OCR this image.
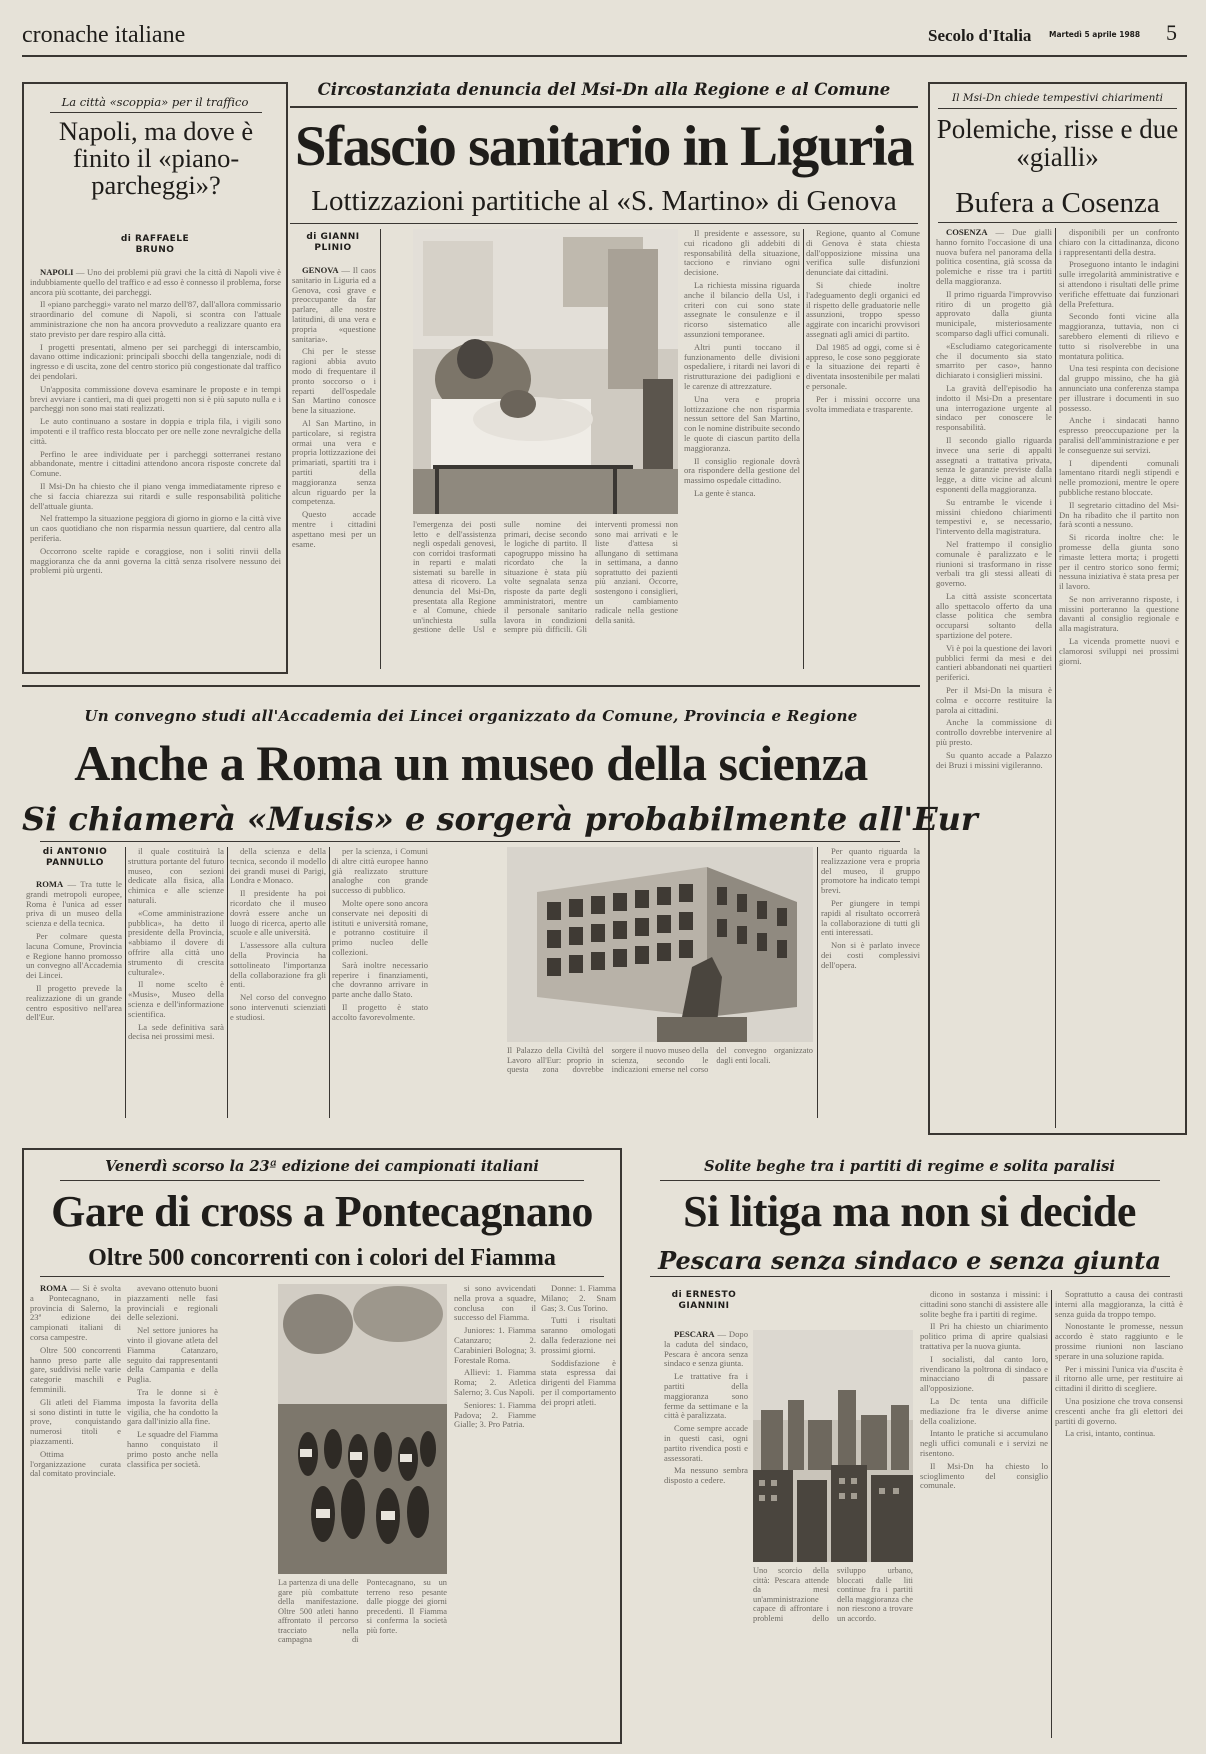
cronache italiane	Secolo d'Italia Martedì 5 aprile 1988 5
La città «scoppia» per il traffico
Napoli, ma dove è finito il «piano-parcheggi»?
di RAFFAELE BRUNO

NAPOLI — Uno dei problemi più gravi che la città di Napoli vive è indubbiamente quello del traffico e ad esso è connesso il problema, forse ancora più scottante, dei parcheggi.

Il «piano parcheggi» varato nel marzo dell'87, dall'allora commissario straordinario del comune di Napoli, si scontra con l'attuale amministrazione che non ha ancora provveduto a realizzare quanto era stato previsto per dare respiro alla città.

I progetti presentati, almeno per sei parcheggi di interscambio, davano ottime indicazioni: principali sbocchi della tangenziale, nodi di ingresso e di uscita, zone del centro storico più congestionate dal traffico dei pendolari.

Un'apposita commissione doveva esaminare le proposte e in tempi brevi avviare i cantieri, ma di quei progetti non si è più saputo nulla e i parcheggi non sono mai stati realizzati.

Le auto continuano a sostare in doppia e tripla fila, i vigili sono impotenti e il traffico resta bloccato per ore nelle zone nevralgiche della città.

Perfino le aree individuate per i parcheggi sotterranei restano abbandonate, mentre i cittadini attendono ancora risposte concrete dal Comune.

Il Msi-Dn ha chiesto che il piano venga immediatamente ripreso e che si faccia chiarezza sui ritardi e sulle responsabilità politiche dell'attuale giunta.

Nel frattempo la situazione peggiora di giorno in giorno e la città vive un caos quotidiano che non risparmia nessun quartiere, dal centro alla periferia.

Occorrono scelte rapide e coraggiose, non i soliti rinvii della maggioranza che da anni governa la città senza risolvere nessuno dei problemi più urgenti.

Circostanziata denuncia del Msi-Dn alla Regione e al Comune
Sfascio sanitario in Liguria
Lottizzazioni partitiche al «S. Martino» di Genova
di GIANNI PLINIO

GENOVA — Il caos sanitario in Liguria ed a Genova, così grave e preoccupante da far parlare, alle nostre latitudini, di una vera e propria «questione sanitaria».

Chi per le stesse ragioni abbia avuto modo di frequentare il pronto soccorso o i reparti dell'ospedale San Martino conosce bene la situazione.

Al San Martino, in particolare, si registra ormai una vera e propria lottizzazione dei primariati, spartiti tra i partiti della maggioranza senza alcun riguardo per la competenza.

Questo accade mentre i cittadini aspettano mesi per un esame.

l'emergenza dei posti letto e dell'assistenza negli ospedali genovesi, con corridoi trasformati in reparti e malati sistemati su barelle in attesa di ricovero. La denuncia del Msi-Dn, presentata alla Regione e al Comune, chiede un'inchiesta sulla gestione delle Usl e sulle nomine dei primari, decise secondo le logiche di partito. Il capogruppo missino ha ricordato che la situazione è stata più volte segnalata senza risposte da parte degli amministratori, mentre il personale sanitario lavora in condizioni sempre più difficili. Gli interventi promessi non sono mai arrivati e le liste d'attesa si allungano di settimana in settimana, a danno soprattutto dei pazienti più anziani. Occorre, sostengono i consiglieri, un cambiamento radicale nella gestione della sanità.

Il presidente e assessore, su cui ricadono gli addebiti di responsabilità della situazione, tacciono e rinviano ogni decisione.

La richiesta missina riguarda anche il bilancio della Usl, i criteri con cui sono state assegnate le consulenze e il ricorso sistematico alle assunzioni temporanee.

Altri punti toccano il funzionamento delle divisioni ospedaliere, i ritardi nei lavori di ristrutturazione dei padiglioni e le carenze di attrezzature.

Una vera e propria lottizzazione che non risparmia nessun settore del San Martino, con le nomine distribuite secondo le quote di ciascun partito della maggioranza.

Il consiglio regionale dovrà ora rispondere della gestione del massimo ospedale cittadino.

La gente è stanca.

Regione, quanto al Comune di Genova è stata chiesta dall'opposizione missina una verifica sulle disfunzioni denunciate dai cittadini.

Si chiede inoltre l'adeguamento degli organici ed il rispetto delle graduatorie nelle assunzioni, troppo spesso aggirate con incarichi provvisori assegnati agli amici di partito.

Dal 1985 ad oggi, come si è appreso, le cose sono peggiorate e la situazione dei reparti è diventata insostenibile per malati e personale.

Per i missini occorre una svolta immediata e trasparente.

Il Msi-Dn chiede tempestivi chiarimenti
Polemiche, risse e due «gialli»
Bufera a Cosenza

COSENZA — Due gialli hanno fornito l'occasione di una nuova bufera nel panorama della politica cosentina, già scossa da polemiche e risse tra i partiti della maggioranza.

Il primo riguarda l'improvviso ritiro di un progetto già approvato dalla giunta municipale, misteriosamente scomparso dagli uffici comunali.

«Escludiamo categoricamente che il documento sia stato smarrito per caso», hanno dichiarato i consiglieri missini.

La gravità dell'episodio ha indotto il Msi-Dn a presentare una interrogazione urgente al sindaco per conoscere le responsabilità.

Il secondo giallo riguarda invece una serie di appalti assegnati a trattativa privata, senza le garanzie previste dalla legge, a ditte vicine ad alcuni esponenti della maggioranza.

Su entrambe le vicende i missini chiedono chiarimenti tempestivi e, se necessario, l'intervento della magistratura.

Nel frattempo il consiglio comunale è paralizzato e le riunioni si trasformano in risse verbali tra gli stessi alleati di governo.

La città assiste sconcertata allo spettacolo offerto da una classe politica che sembra occuparsi soltanto della spartizione del potere.

Vi è poi la questione dei lavori pubblici fermi da mesi e dei cantieri abbandonati nei quartieri periferici.

Per il Msi-Dn la misura è colma e occorre restituire la parola ai cittadini.

Anche la commissione di controllo dovrebbe intervenire al più presto.

Su quanto accade a Palazzo dei Bruzi i missini vigileranno.

disponibili per un confronto chiaro con la cittadinanza, dicono i rappresentanti della destra.

Proseguono intanto le indagini sulle irregolarità amministrative e si attendono i risultati delle prime verifiche effettuate dai funzionari della Prefettura.

Secondo fonti vicine alla maggioranza, tuttavia, non ci sarebbero elementi di rilievo e tutto si risolverebbe in una montatura politica.

Una tesi respinta con decisione dal gruppo missino, che ha già annunciato una conferenza stampa per illustrare i documenti in suo possesso.

Anche i sindacati hanno espresso preoccupazione per la paralisi dell'amministrazione e per le conseguenze sui servizi.

I dipendenti comunali lamentano ritardi negli stipendi e nelle promozioni, mentre le opere pubbliche restano bloccate.

Il segretario cittadino del Msi-Dn ha ribadito che il partito non farà sconti a nessuno.

Si ricorda inoltre che: le promesse della giunta sono rimaste lettera morta; i progetti per il centro storico sono fermi; nessuna iniziativa è stata presa per il lavoro.

Se non arriveranno risposte, i missini porteranno la questione davanti al consiglio regionale e alla magistratura.

La vicenda promette nuovi e clamorosi sviluppi nei prossimi giorni.

Un convegno studi all'Accademia dei Lincei organizzato da Comune, Provincia e Regione
Anche a Roma un museo della scienza
Si chiamerà «Musis» e sorgerà probabilmente all'Eur
di ANTONIO PANNULLO

ROMA — Tra tutte le grandi metropoli europee, Roma è l'unica ad esser priva di un museo della scienza e della tecnica.

Per colmare questa lacuna Comune, Provincia e Regione hanno promosso un convegno all'Accademia dei Lincei.

Il progetto prevede la realizzazione di un grande centro espositivo nell'area dell'Eur.

il quale costituirà la struttura portante del futuro museo, con sezioni dedicate alla fisica, alla chimica e alle scienze naturali.

«Come amministrazione pubblica», ha detto il presidente della Provincia, «abbiamo il dovere di offrire alla città uno strumento di crescita culturale».

Il nome scelto è «Musis», Museo della scienza e dell'informazione scientifica.

La sede definitiva sarà decisa nei prossimi mesi.

della scienza e della tecnica, secondo il modello dei grandi musei di Parigi, Londra e Monaco.

Il presidente ha poi ricordato che il museo dovrà essere anche un luogo di ricerca, aperto alle scuole e alle università.

L'assessore alla cultura della Provincia ha sottolineato l'importanza della collaborazione fra gli enti.

Nel corso del convegno sono intervenuti scienziati e studiosi.

per la scienza, i Comuni di altre città europee hanno già realizzato strutture analoghe con grande successo di pubblico.

Molte opere sono ancora conservate nei depositi di istituti e università romane, e potranno costituire il primo nucleo delle collezioni.

Sarà inoltre necessario reperire i finanziamenti, che dovranno arrivare in parte anche dallo Stato.

Il progetto è stato accolto favorevolmente.

Il Palazzo della Civiltà del Lavoro all'Eur: proprio in questa zona dovrebbe sorgere il nuovo museo della scienza, secondo le indicazioni emerse nel corso del convegno organizzato dagli enti locali.

Per quanto riguarda la realizzazione vera e propria del museo, il gruppo promotore ha indicato tempi brevi.

Per giungere in tempi rapidi al risultato occorrerà la collaborazione di tutti gli enti interessati.

Non si è parlato invece dei costi complessivi dell'opera.

Venerdì scorso la 23ª edizione dei campionati italiani
Gare di cross a Pontecagnano
Oltre 500 concorrenti con i colori del Fiamma

ROMA — Si è svolta a Pontecagnano, in provincia di Salerno, la 23ª edizione dei campionati italiani di corsa campestre.

Oltre 500 concorrenti hanno preso parte alle gare, suddivisi nelle varie categorie maschili e femminili.

Gli atleti del Fiamma si sono distinti in tutte le prove, conquistando numerosi titoli e piazzamenti.

Ottima l'organizzazione curata dal comitato provinciale.

avevano ottenuto buoni piazzamenti nelle fasi provinciali e regionali delle selezioni.

Nel settore juniores ha vinto il giovane atleta del Fiamma Catanzaro, seguito dai rappresentanti della Campania e della Puglia.

Tra le donne si è imposta la favorita della vigilia, che ha condotto la gara dall'inizio alla fine.

Le squadre del Fiamma hanno conquistato il primo posto anche nella classifica per società.

La partenza di una delle gare più combattute della manifestazione. Oltre 500 atleti hanno affrontato il percorso tracciato nella campagna di Pontecagnano, su un terreno reso pesante dalle piogge dei giorni precedenti. Il Fiamma si conferma la società più forte.

si sono avvicendati nella prova a squadre, conclusa con il successo del Fiamma.

Juniores: 1. Fiamma Catanzaro; 2. Carabinieri Bologna; 3. Forestale Roma.

Allievi: 1. Fiamma Roma; 2. Atletica Salerno; 3. Cus Napoli.

Seniores: 1. Fiamma Padova; 2. Fiamme Gialle; 3. Pro Patria.

Donne: 1. Fiamma Milano; 2. Snam Gas; 3. Cus Torino.

Tutti i risultati saranno omologati dalla federazione nei prossimi giorni.

Soddisfazione è stata espressa dai dirigenti del Fiamma per il comportamento dei propri atleti.

Solite beghe tra i partiti di regime e solita paralisi
Si litiga ma non si decide
Pescara senza sindaco e senza giunta
di ERNESTO GIANNINI

PESCARA — Dopo la caduta del sindaco, Pescara è ancora senza sindaco e senza giunta.

Le trattative fra i partiti della maggioranza sono ferme da settimane e la città è paralizzata.

Come sempre accade in questi casi, ogni partito rivendica posti e assessorati.

Ma nessuno sembra disposto a cedere.

Uno scorcio della città: Pescara attende da mesi un'amministrazione capace di affrontare i problemi dello sviluppo urbano, bloccati dalle liti continue fra i partiti della maggioranza che non riescono a trovare un accordo.

dicono in sostanza i missini: i cittadini sono stanchi di assistere alle solite beghe fra i partiti di regime.

Il Pri ha chiesto un chiarimento politico prima di aprire qualsiasi trattativa per la nuova giunta.

I socialisti, dal canto loro, rivendicano la poltrona di sindaco e minacciano di passare all'opposizione.

La Dc tenta una difficile mediazione fra le diverse anime della coalizione.

Intanto le pratiche si accumulano negli uffici comunali e i servizi ne risentono.

Il Msi-Dn ha chiesto lo scioglimento del consiglio comunale.

Soprattutto a causa dei contrasti interni alla maggioranza, la città è senza guida da troppo tempo.

Nonostante le promesse, nessun accordo è stato raggiunto e le prossime riunioni non lasciano sperare in una soluzione rapida.

Per i missini l'unica via d'uscita è il ritorno alle urne, per restituire ai cittadini il diritto di scegliere.

Una posizione che trova consensi crescenti anche fra gli elettori dei partiti di governo.

La crisi, intanto, continua.
